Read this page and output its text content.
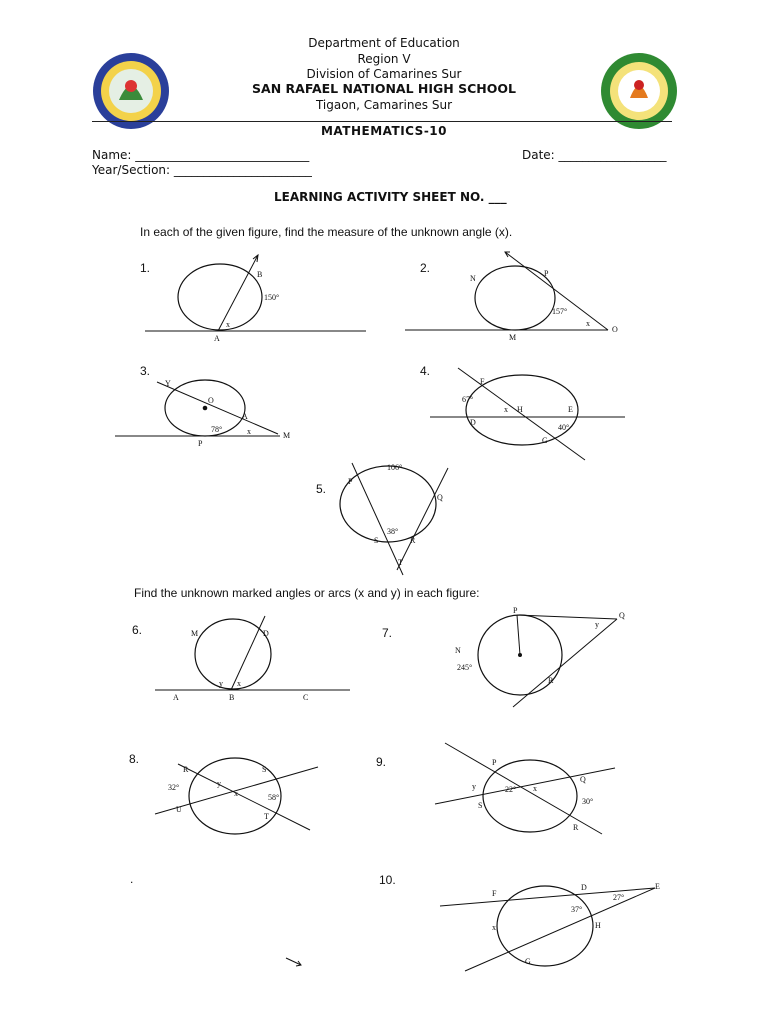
Department of Education
Region V
Division of Camarines Sur
SAN RAFAEL NATIONAL HIGH SCHOOL
Tigaon, Camarines Sur
MATHEMATICS-10
Name: _____________________________	Date: __________________
Year/Section: _______________________
LEARNING ACTIVITY SHEET NO. ___
In each of the given figure, find the measure of the unknown angle (x).
1.	B
150°
x
A
2.
N
P
157°
x
M
O
3.
Y
O
A
78°	x
P
M
4.
F
67°
x H	E
D
40°
G
5.
106°
P
Q
38°
S	R
T
Find the unknown marked angles or arcs (x and y) in each figure:
6.	M	D
y x
A	B	C
7.
P
Q
y
N
245°
R
8.
R	S
y
32°
x	58°
U
T
9.	P
Q
y	22° x
S	30°
R
.	10.
D	E
F	27°
37°
x	H
G
